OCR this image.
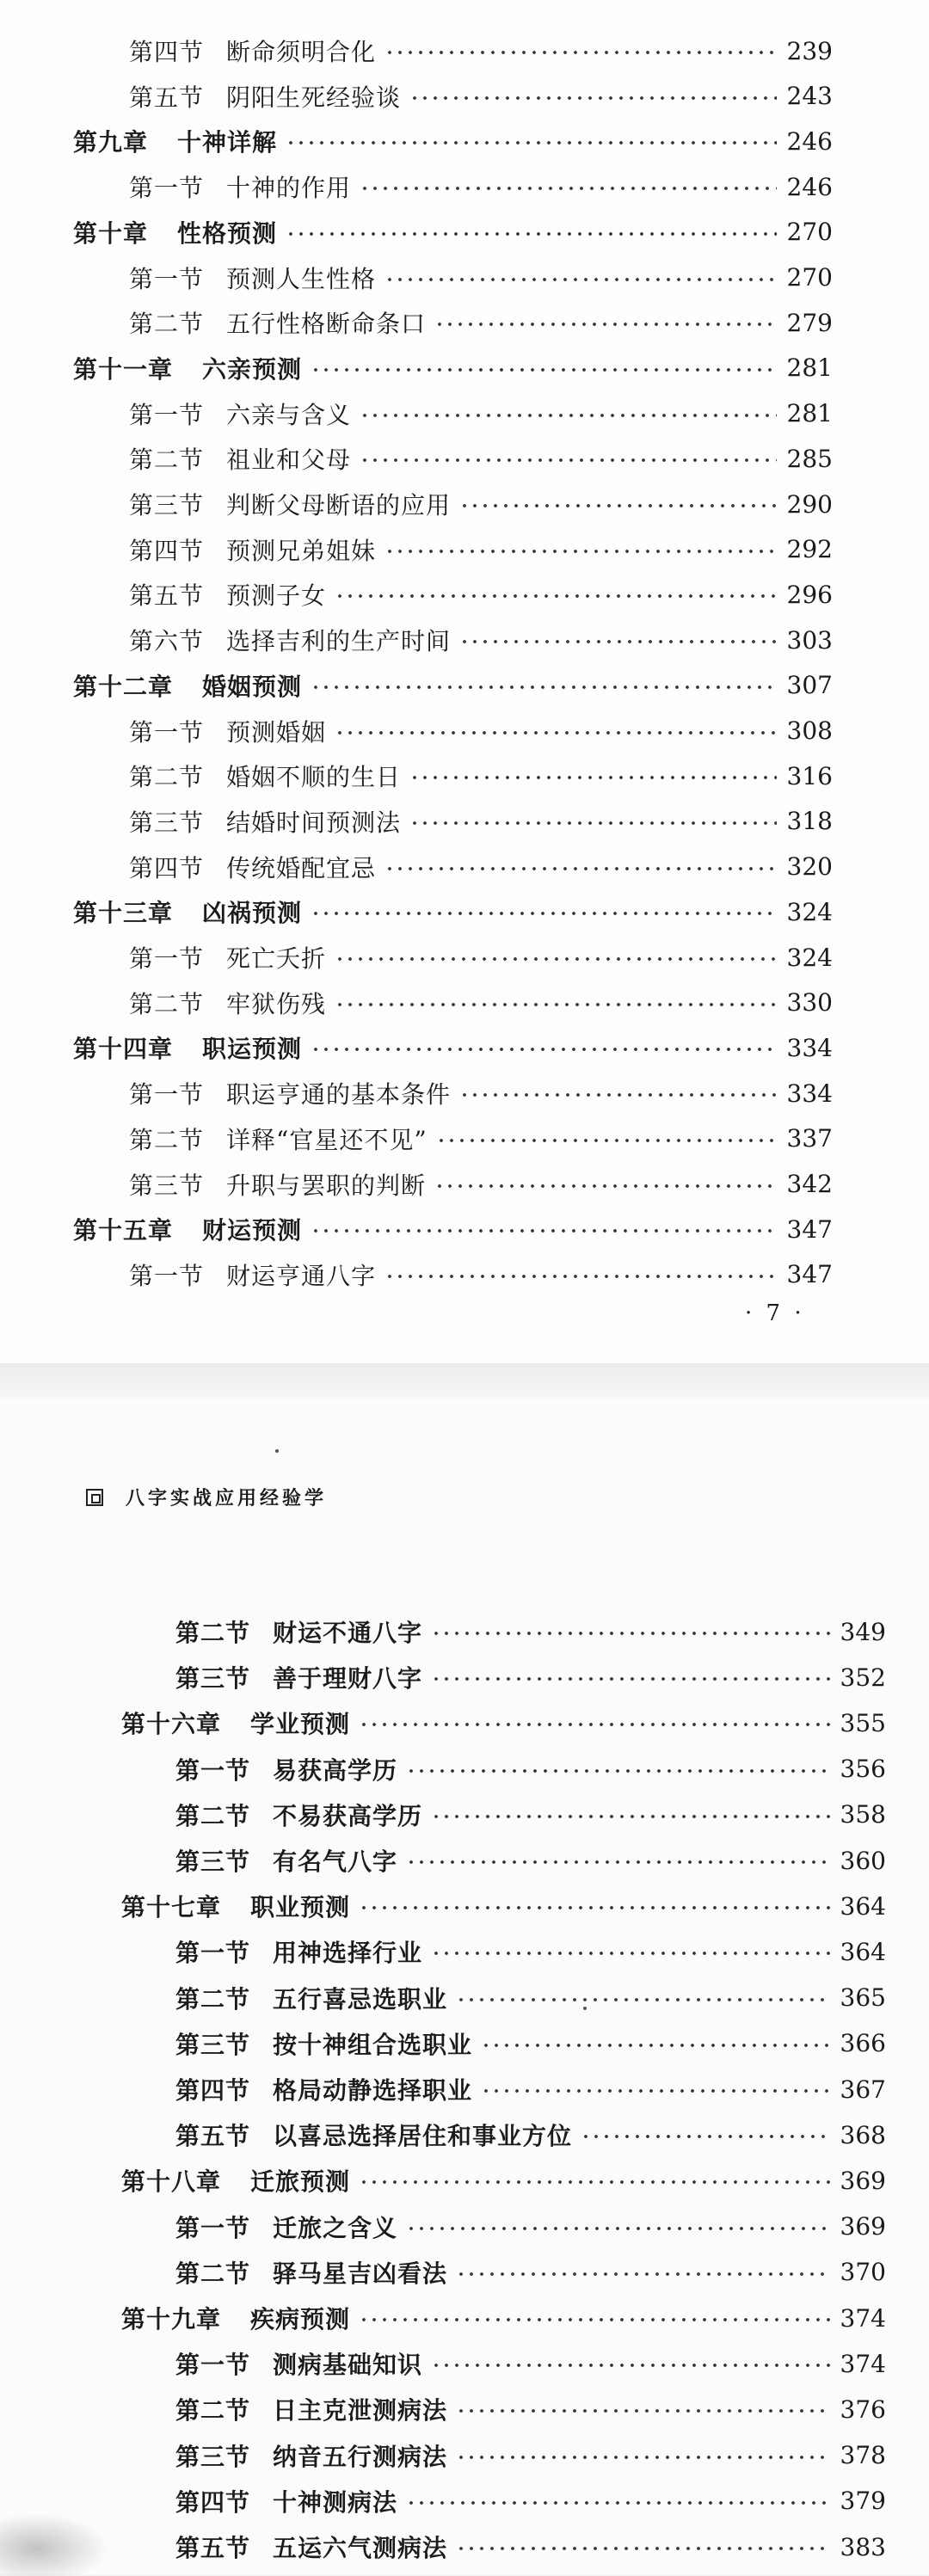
第四节 断命须明合化	239
第五节 阴阳生死经验谈	243
第九章 十神详解	246
第一节 十神的作用	246
第十章 性格预测	270
第一节 预测人生性格	270
第二节 五行性格断命条口	279
第十一章 六亲预测	281
第一节 六亲与含义	281
第二节 祖业和父母	285
第三节 判断父母断语的应用	290
第四节 预测兄弟姐妹	292
第五节 预测子女	296
第六节 选择吉利的生产时间	303
第十二章 婚姻预测	307
第一节 预测婚姻	308
第二节 婚姻不顺的生日	316
第三节 结婚时间预测法	318
第四节 传统婚配宜忌	320
第十三章 凶祸预测	324
第一节 死亡夭折	324
第二节 牢狱伤残	330
第十四章 职运预测	334
第一节 职运亨通的基本条件	334
第二节 详释“官星还不见”	337
第三节 升职与罢职的判断	342
第十五章 财运预测	347
第一节 财运亨通八字	347
· 7 ·
八字实战应用经验学
第二节 财运不通八字	349
第三节 善于理财八字	352
第十六章 学业预测	355
第一节 易获高学历	356
第二节 不易获高学历	358
第三节 有名气八字	360
第十七章 职业预测	364
第一节 用神选择行业	364
第二节 五行喜忌选职业	365
第三节 按十神组合选职业	366
第四节 格局动静选择职业	367
第五节 以喜忌选择居住和事业方位	368
第十八章 迁旅预测	369
第一节 迁旅之含义	369
第二节 驿马星吉凶看法	370
第十九章 疾病预测	374
第一节 测病基础知识	374
第二节 日主克泄测病法	376
第三节 纳音五行测病法	378
第四节 十神测病法	379
第五节 五运六气测病法	383
